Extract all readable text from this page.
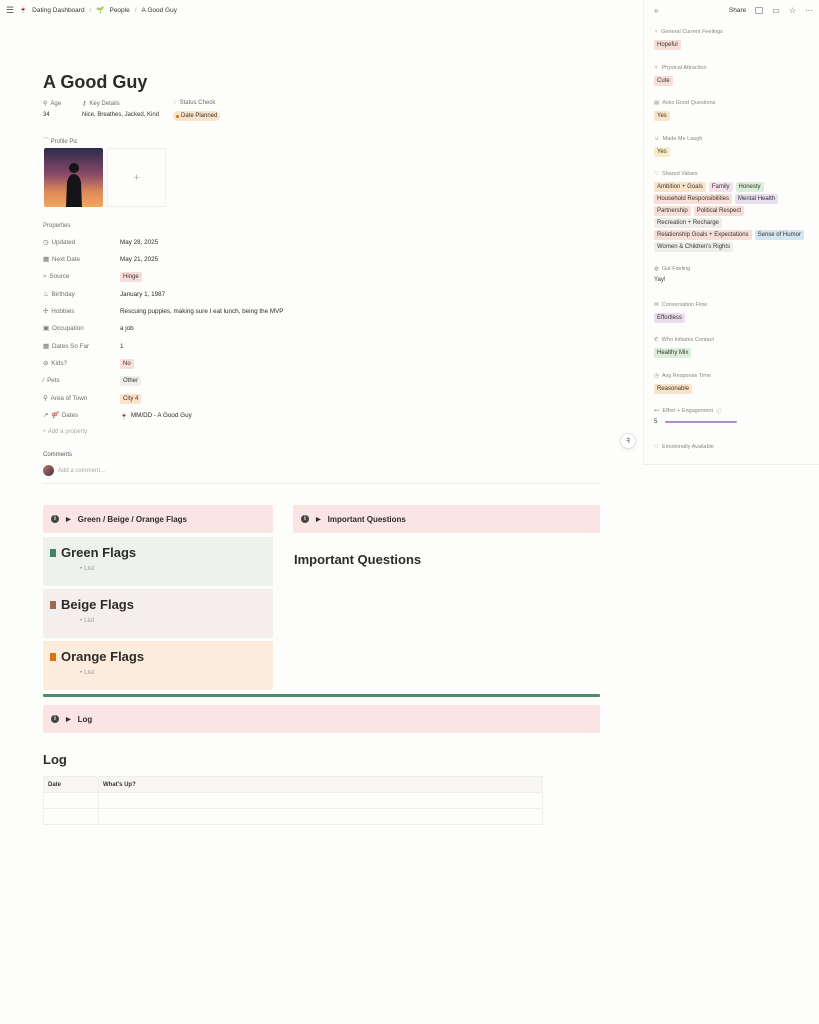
☰ 🍷 Dating Dashboard / 🌱 People / A Good Guy	»	Share	▭ ☆ ···
♀ General Current Feelings
Hopeful
✧ Physical Attraction
Cute
▤ Asks Good Questions
Yes
☺ Made Me Laugh
Yes
♡ Shared Values
Ambition + Goals	Family	Honesty
Household Responsibilities	Mental Health
Partnership	Political Respect
Recreation + Recharge
Relationship Goals + Expectations	Sense of Humor
Women & Children's Rights
◍ Gut Feeling
Yay!
✉ Conversation Flow
Effortless
✆ Who Initiates Contact
Healthy Mix
◷ Avg Response Time
Reasonable
⊷ Effort + Engagement ⓘ
5
♡ Emotionally Available
A Good Guy
⚲ Age
34
⚷ Key Details
Nice, Breathes, Jacked, Kind
◌ Status Check
Date Planned
⌒ Profile Pic
+
Properties
◷ Updated	May 28, 2025
▦ Next Date	May 21, 2025
⌕ Source	Hinge
♨ Birthday	January 1, 1987
✢ Hobbies	Rescuing puppies, making sure I eat lunch, being the MVP
▣ Occupation	a job
▦ Dates So Far	1
⊘ Kids?	No
⁄ Pets	Other
⚲ Area of Town	City 4
↗ ⚤ Dates	🍷 MM/DD - A Good Guy
+ Add a property
Comments
Add a comment...
i	▶ Green / Beige / Orange Flags	i	▶ Important Questions
Green Flags
• List
Beige Flags
• List
Orange Flags
• List
Important Questions
i	▶ Log
Log
Date	What's Up?

ꟻ
